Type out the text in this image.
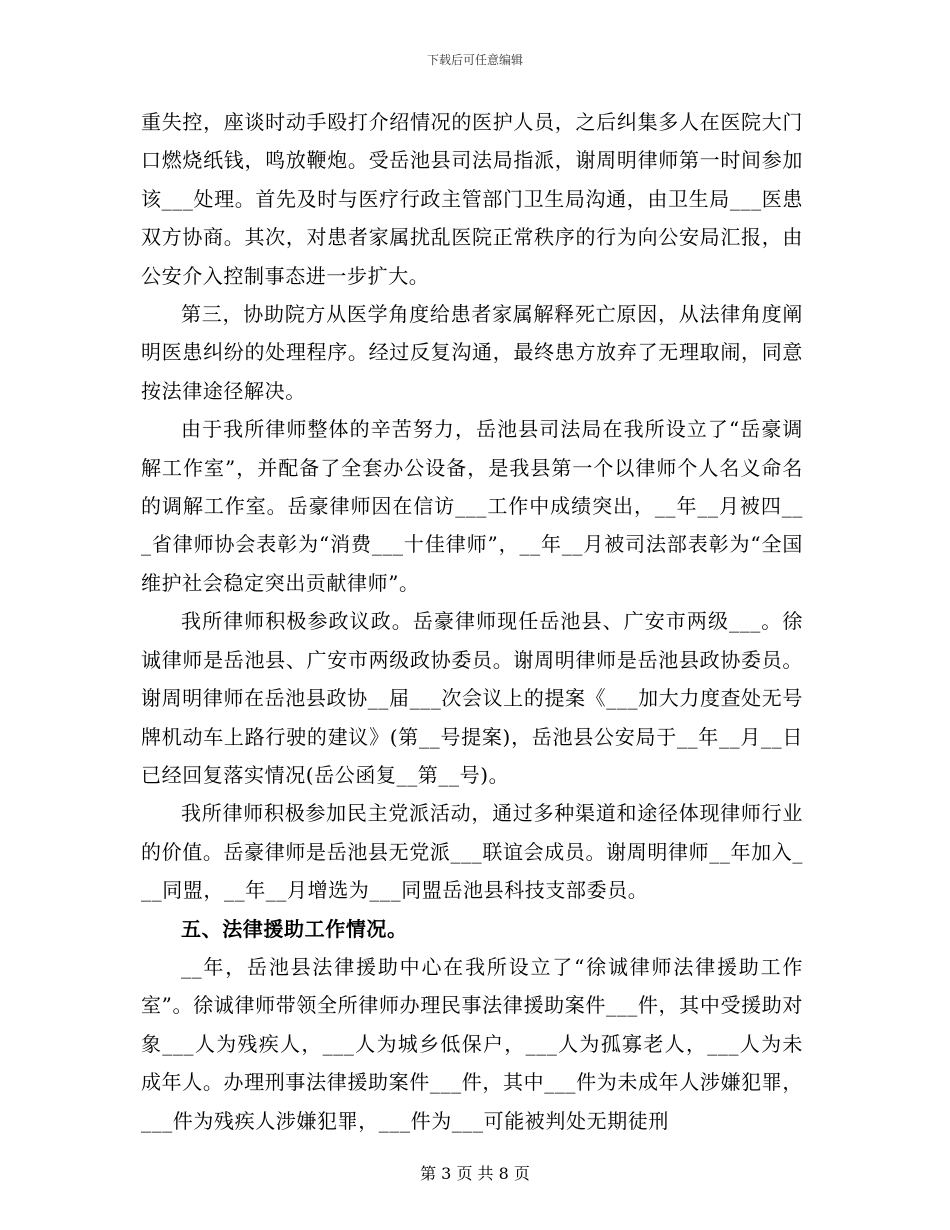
下载后可任意编辑

重失控，座谈时动手殴打介绍情况的医护人员，之后纠集多人在医院大门口燃烧纸钱，鸣放鞭炮。受岳池县司法局指派，谢周明律师第一时间参加该___处理。首先及时与医疗行政主管部门卫生局沟通，由卫生局___医患双方协商。其次，对患者家属扰乱医院正常秩序的行为向公安局汇报，由公安介入控制事态进一步扩大。

第三，协助院方从医学角度给患者家属解释死亡原因，从法律角度阐明医患纠纷的处理程序。经过反复沟通，最终患方放弃了无理取闹，同意按法律途径解决。

由于我所律师整体的辛苦努力，岳池县司法局在我所设立了“岳豪调解工作室”，并配备了全套办公设备，是我县第一个以律师个人名义命名的调解工作室。岳豪律师因在信访___工作中成绩突出，__年__月被四___省律师协会表彰为“消费___十佳律师”，__年__月被司法部表彰为“全国维护社会稳定突出贡献律师”。

我所律师积极参政议政。岳豪律师现任岳池县、广安市两级___。徐诚律师是岳池县、广安市两级政协委员。谢周明律师是岳池县政协委员。谢周明律师在岳池县政协__届___次会议上的提案《___加大力度查处无号牌机动车上路行驶的建议》(第__号提案)，岳池县公安局于__年__月__日已经回复落实情况(岳公函复__第__号)。

我所律师积极参加民主党派活动，通过多种渠道和途径体现律师行业的价值。岳豪律师是岳池县无党派___联谊会成员。谢周明律师__年加入___同盟，__年__月增选为___同盟岳池县科技支部委员。

五、法律援助工作情况。

__年，岳池县法律援助中心在我所设立了“徐诚律师法律援助工作室”。徐诚律师带领全所律师办理民事法律援助案件___件，其中受援助对象___人为残疾人，___人为城乡低保户，___人为孤寡老人，___人为未成年人。办理刑事法律援助案件___件，其中___件为未成年人涉嫌犯罪，___件为残疾人涉嫌犯罪，___件为___可能被判处无期徒刑

第 3 页 共 8 页
